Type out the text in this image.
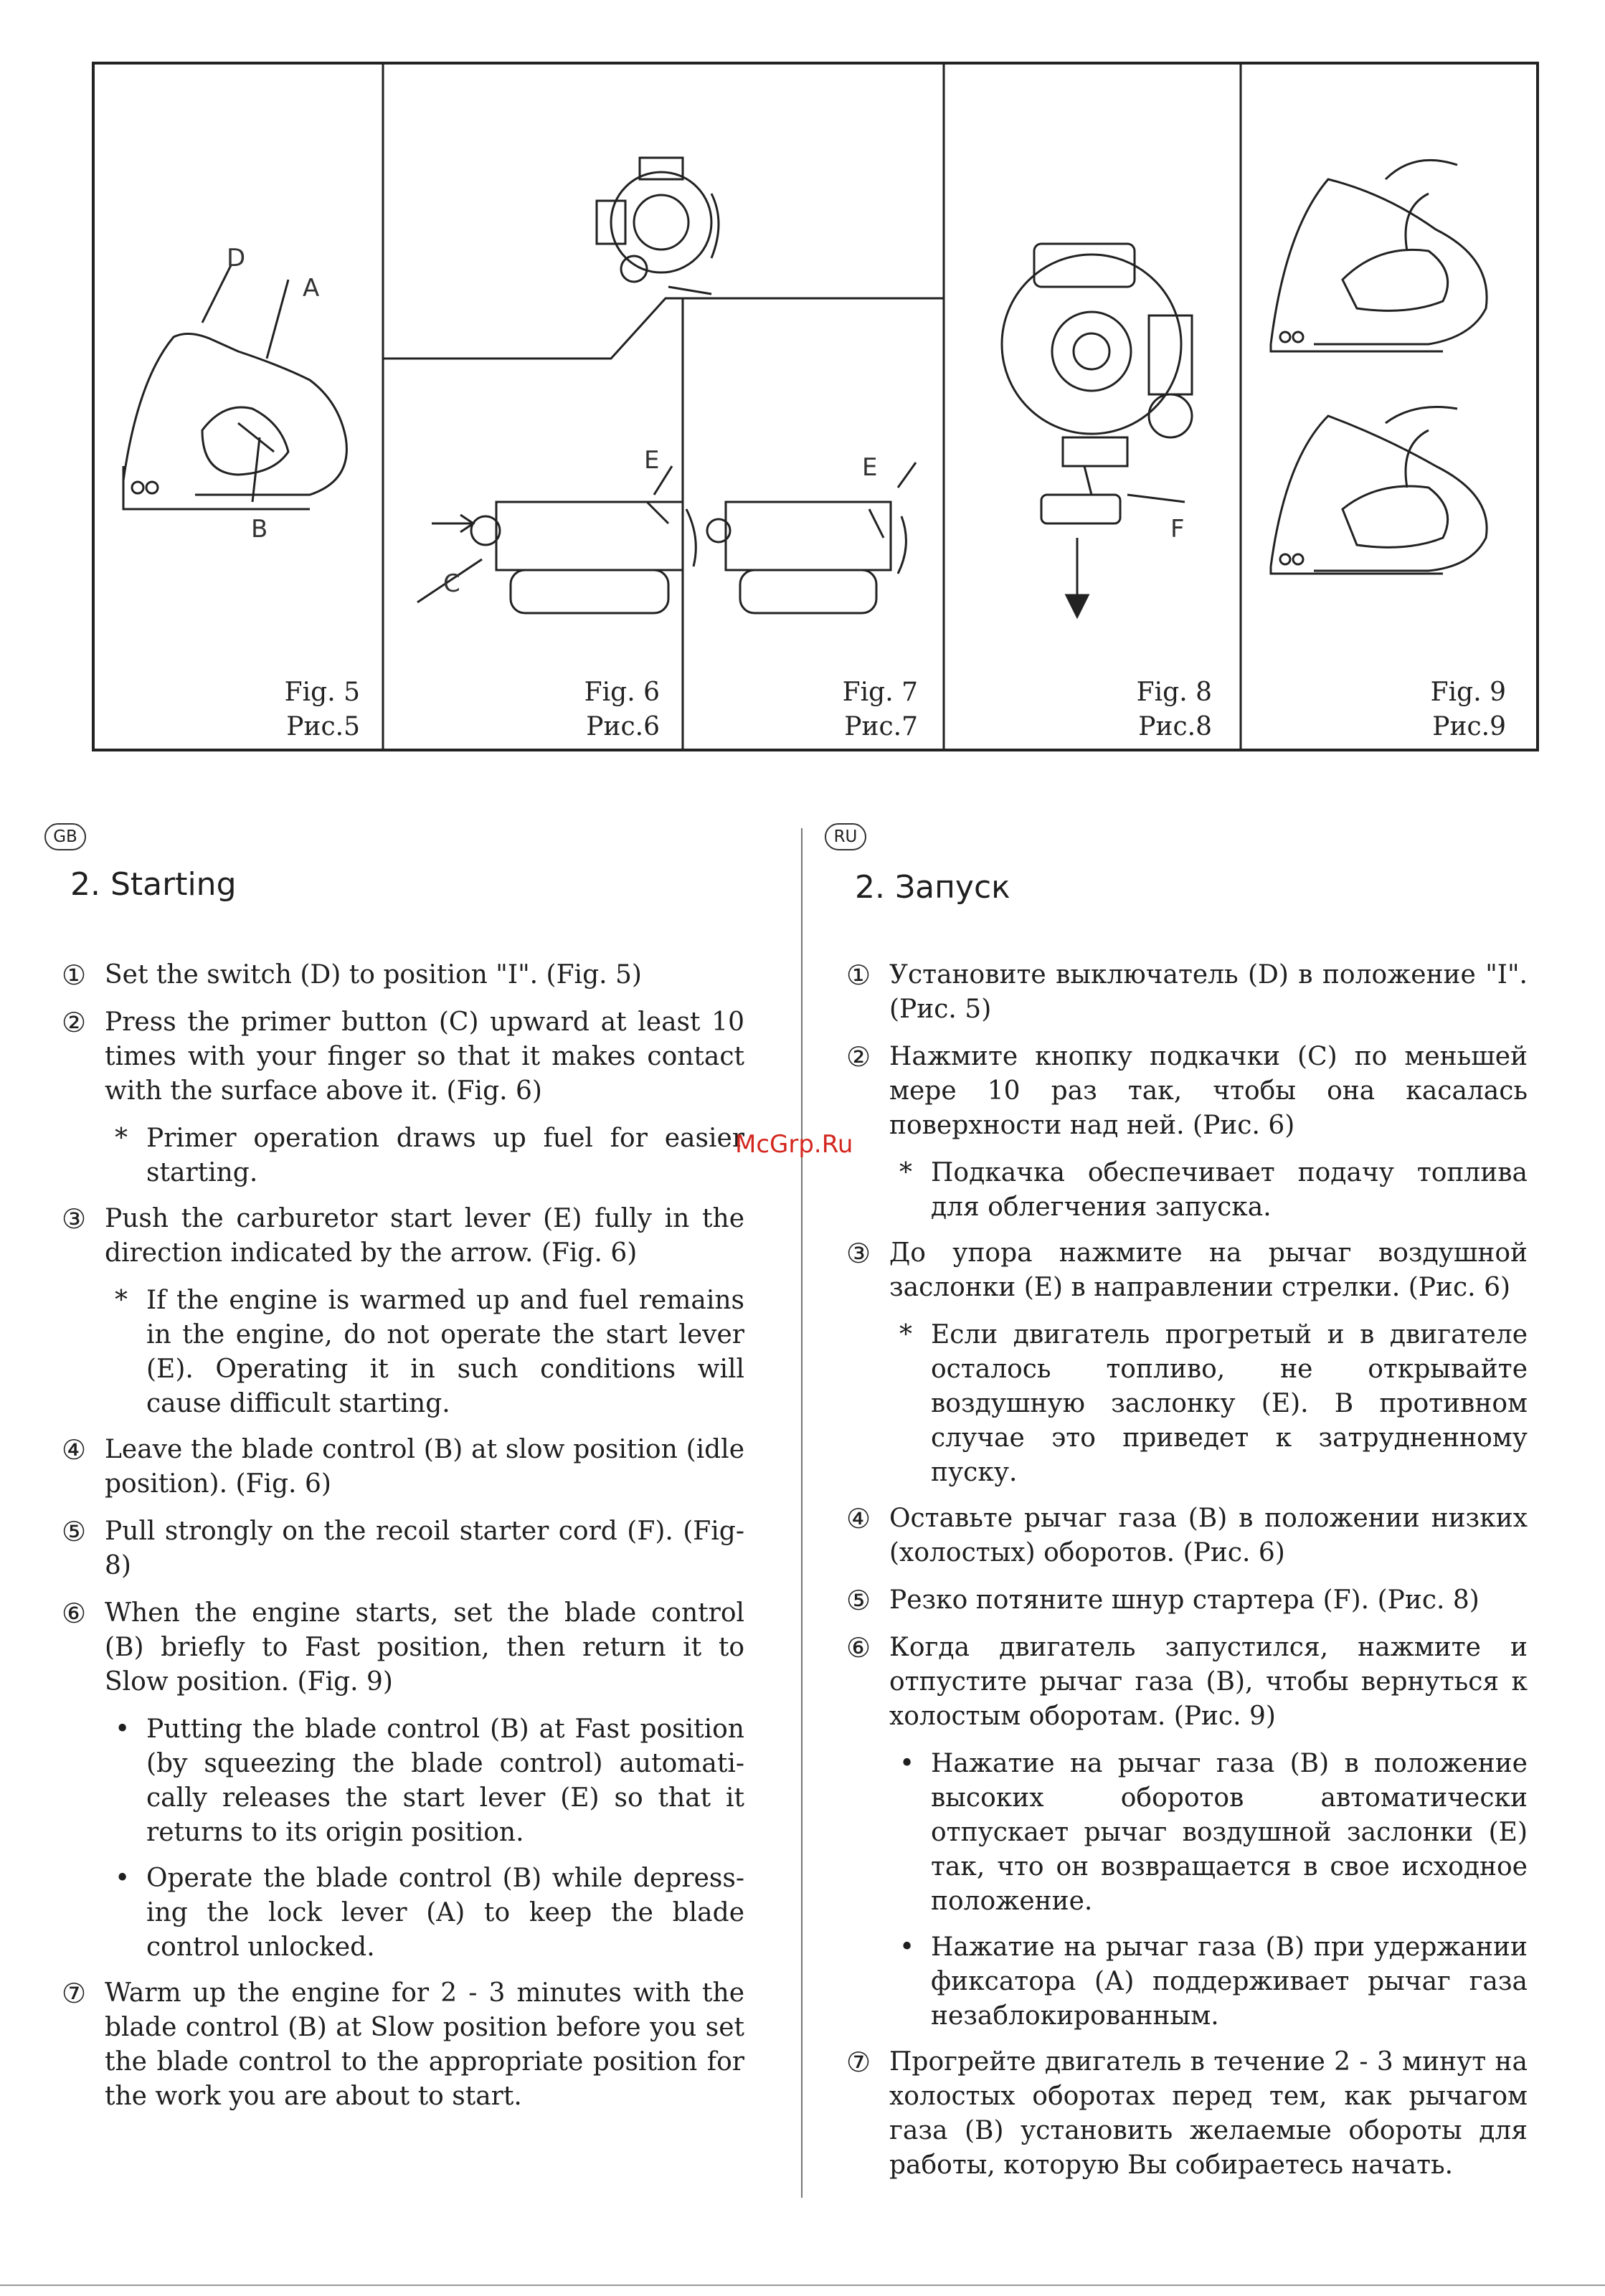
D
A
B
E
C
E
F
Fig. 5
Рис.5
Fig. 6
Рис.6
Fig. 7
Рис.7
Fig. 8
Рис.8
Fig. 9
Рис.9
GB
2. Starting
① Set the switch (D) to position "I". (Fig. 5)
② Press the primer button (C) upward at least 10 times with your finger so that it makes contact with the surface above it. (Fig. 6)
* Primer operation draws up fuel for easier starting.
③ Push the carburetor start lever (E) fully in the direction indicated by the arrow. (Fig. 6)
* If the engine is warmed up and fuel remains in the engine, do not operate the start lever (E). Operating it in such conditions will cause difficult starting.
④ Leave the blade control (B) at slow position (idle position). (Fig. 6)
⑤ Pull strongly on the recoil starter cord (F). (Fig- 8)
⑥ When the engine starts, set the blade control (B) briefly to Fast position, then return it to Slow position. (Fig. 9)
• Putting the blade control (B) at Fast position (by squeezing the blade control) automati- cally releases the start lever (E) so that it returns to its origin position.
• Operate the blade control (B) while depress- ing the lock lever (A) to keep the blade control unlocked.
⑦ Warm up the engine for 2 - 3 minutes with the blade control (B) at Slow position before you set the blade control to the appropriate position for the work you are about to start.
McGrp.Ru
RU
2. Запуск
① Установите выключатель (D) в положение "I". (Рис. 5)
② Нажмите кнопку подкачки (С) по меньшей мере 10 раз так, чтобы она касалась поверхности над ней. (Рис. 6)
* Подкачка обеспечивает подачу топлива для облегчения запуска.
③ До упора нажмите на рычаг воздушной заслонки (Е) в направлении стрелки. (Рис. 6)
* Если двигатель прогретый и в двигателе осталось топливо, не открывайте воздушную заслонку (Е). В противном случае это приведет к затрудненному пуску.
④ Оставьте рычаг газа (В) в положении низких (холостых) оборотов. (Рис. 6)
⑤ Резко потяните шнур стартера (F). (Рис. 8)
⑥ Когда двигатель запустился, нажмите и отпустите рычаг газа (В), чтобы вернуться к холостым оборотам. (Рис. 9)
• Нажатие на рычаг газа (В) в положение высоких оборотов автоматически отпускает рычаг воздушной заслонки (Е) так, что он возвращается в свое исходное положение.
• Нажатие на рычаг газа (В) при удержании фиксатора (А) поддерживает рычаг газа незаблокированным.
⑦ Прогрейте двигатель в течение 2 - 3 минут на холостых оборотах перед тем, как рычагом газа (В) установить желаемые обороты для работы, которую Вы собираетесь начать.
